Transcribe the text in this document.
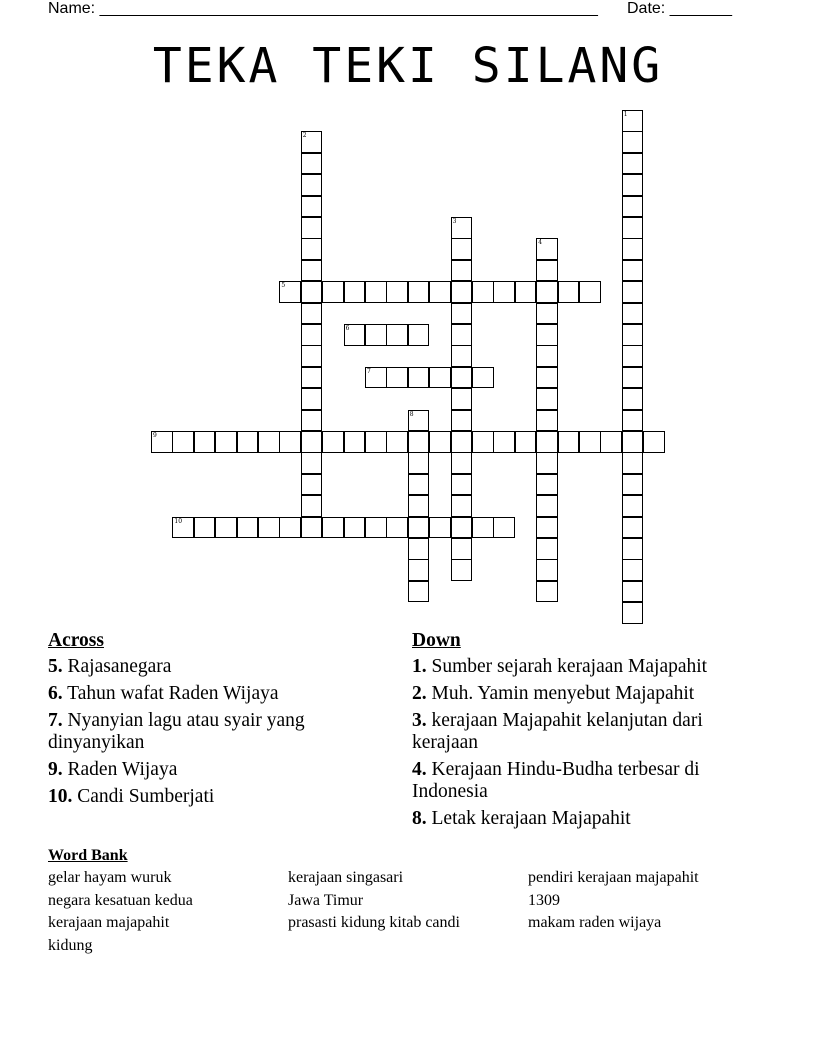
Name: ________________________________________________________ Date: _______
TEKA TEKI SILANG
1
2
3
4
5
6
7
8
9
10
Across
5. Rajasanegara
6. Tahun wafat Raden Wijaya
7. Nyanyian lagu atau syair yang dinyanyikan
9. Raden Wijaya
10. Candi Sumberjati
Down
1. Sumber sejarah kerajaan Majapahit
2. Muh. Yamin menyebut Majapahit
3. kerajaan Majapahit kelanjutan dari kerajaan
4. Kerajaan Hindu-Budha terbesar di Indonesia
8. Letak kerajaan Majapahit
Word Bank
gelar hayam wuruk	kerajaan singasari	pendiri kerajaan majapahit
negara kesatuan kedua	Jawa Timur	1309
kerajaan majapahit	prasasti kidung kitab candi	makam raden wijaya
kidung
